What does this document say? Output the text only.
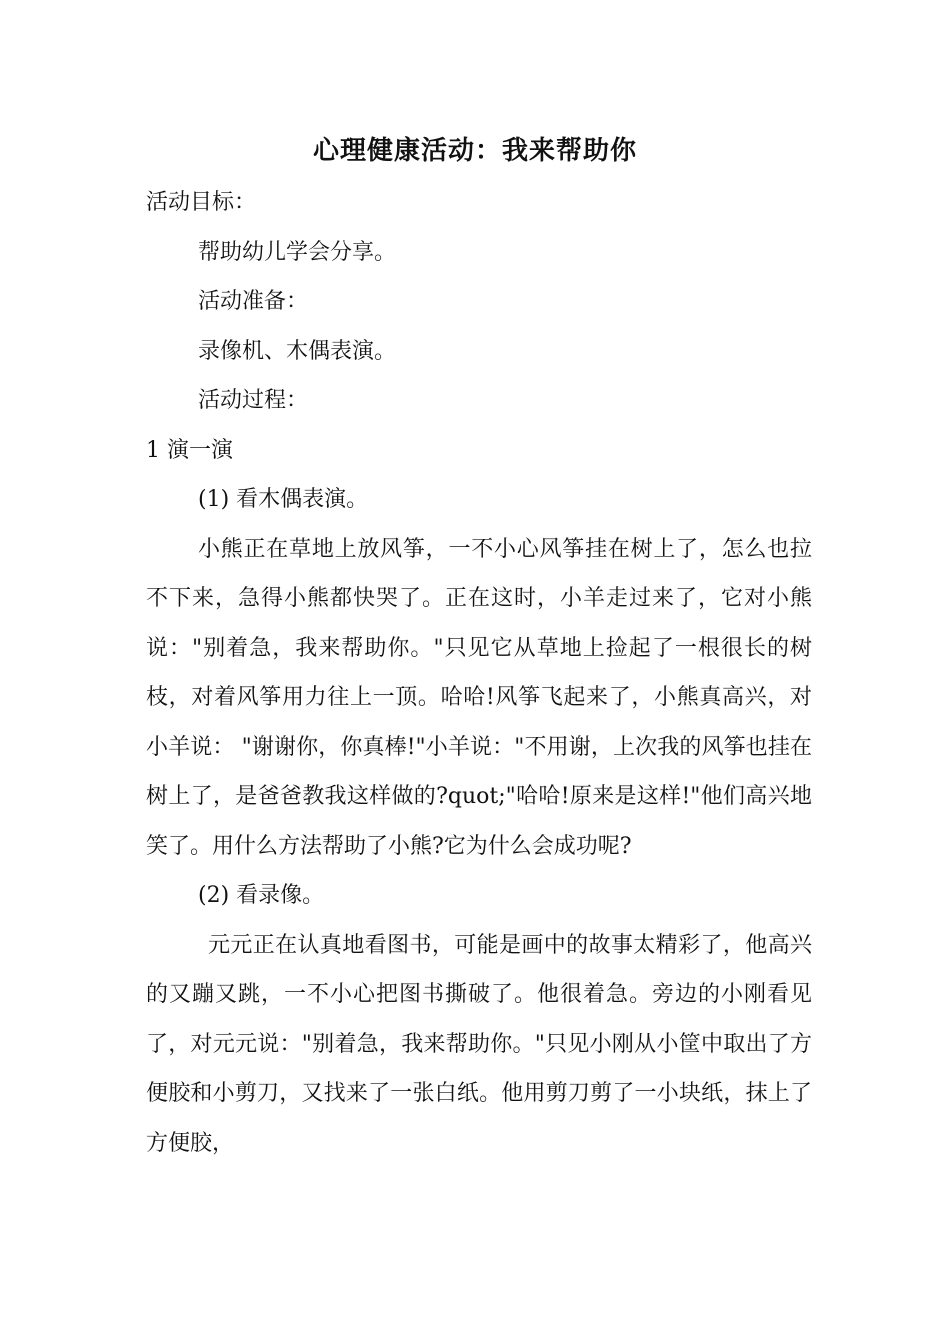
心理健康活动：我来帮助你

活动目标：

帮助幼儿学会分享。

活动准备：

录像机、木偶表演。

活动过程：

1 演一演

(1) 看木偶表演。

小熊正在草地上放风筝，一不小心风筝挂在树上了，怎么也拉不下来，急得小熊都快哭了。正在这时，小羊走过来了，它对小熊说："别着急，我来帮助你。"只见它从草地上捡起了一根很长的树枝，对着风筝用力往上一顶。哈哈!风筝飞起来了，小熊真高兴，对小羊说： "谢谢你，你真棒!"小羊说："不用谢，上次我的风筝也挂在树上了，是爸爸教我这样做的?quot;"哈哈!原来是这样!"他们高兴地笑了。用什么方法帮助了小熊?它为什么会成功呢?

(2) 看录像。

元元正在认真地看图书，可能是画中的故事太精彩了，他高兴的又蹦又跳，一不小心把图书撕破了。他很着急。旁边的小刚看见了，对元元说："别着急，我来帮助你。"只见小刚从小筐中取出了方便胶和小剪刀，又找来了一张白纸。他用剪刀剪了一小块纸，抹上了方便胶，
